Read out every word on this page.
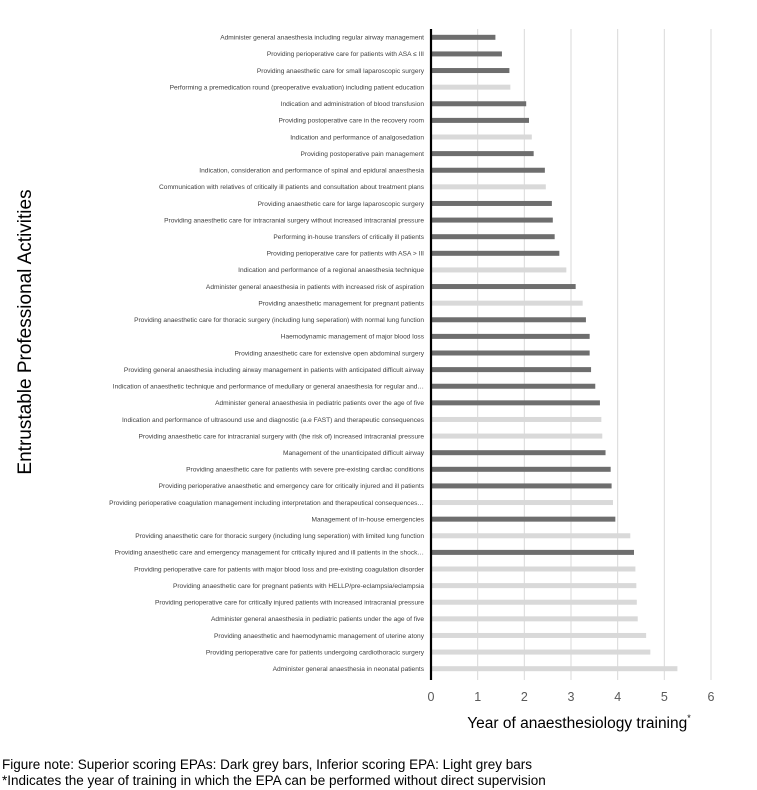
Administer general anaesthesia including regular airway management
Providing perioperative care for patients with ASA ≤ III
Providing anaesthetic care for small laparoscopic surgery
Performing a premedication round (preoperative evaluation) including patient education
Indication and administration of blood transfusion
Providing postoperative care in the recovery room
Indication and performance of analgosedation
Providing postoperative pain management
Indication, consideration and performance of spinal and epidural anaesthesia
Communication with relatives of critically ill patients and consultation about treatment plans
Providing anaesthetic care for large laparoscopic surgery
Providing anaesthetic care for intracranial surgery without increased intracranial pressure
Performing in-house transfers of critically ill patients
Providing perioperative care for patients with ASA > III
Indication and performance of a regional anaesthesia technique
Administer general anaesthesia in patients with increased risk of aspiration
Providing anaesthetic management for pregnant patients
Providing anaesthetic care for thoracic surgery (including lung seperation) with normal lung function
Haemodynamic management of major blood loss
Providing anaesthetic care for extensive open abdominal surgery
Providing general anaesthesia including airway management in patients with anticipated difficult airway
Indication of anaesthetic technique and performance of medullary or general anaesthesia for regular and…
Administer general anaesthesia in pediatric patients over the age of five
Indication and performance of ultrasound use and diagnostic (a.e FAST) and therapeutic consequences
Providing anaesthetic care for intracranial surgery with (the risk of) increased intracranial pressure
Management of the unanticipated difficult airway
Providing anaesthetic care for patients with severe pre-existing cardiac conditions
Providing perioperative anaesthetic and emergency care for critically injured and ill patients
Providing perioperative coagulation management including interpretation and therapeutical consequences…
Management of in-house emergencies
Providing anaesthetic care for thoracic surgery (including lung seperation) with limited lung function
Providing anaesthetic care and emergency management for critically injured and ill patients in the shock…
Providing perioperative care for patients with major blood loss and pre-existing coagulation disorder
Providing anaesthetic care for pregnant patients with HELLP/pre-eclampsia/eclampsia
Providing perioperative care for critically injured patients with increased intracranial pressure
Administer general anaesthesia in pediatric patients under the age of five
Providing anaesthetic and haemodynamic management of uterine atony
Providing perioperative care for patients undergoing cardiothoracic surgery
Administer general anaesthesia in neonatal patients
0	1	2	3	4	5	6
Entrustable Professional Activities
Year of anaesthesiology training*
Figure note: Superior scoring EPAs: Dark grey bars, Inferior scoring EPA: Light grey bars
*Indicates the year of training in which the EPA can be performed without direct supervision
